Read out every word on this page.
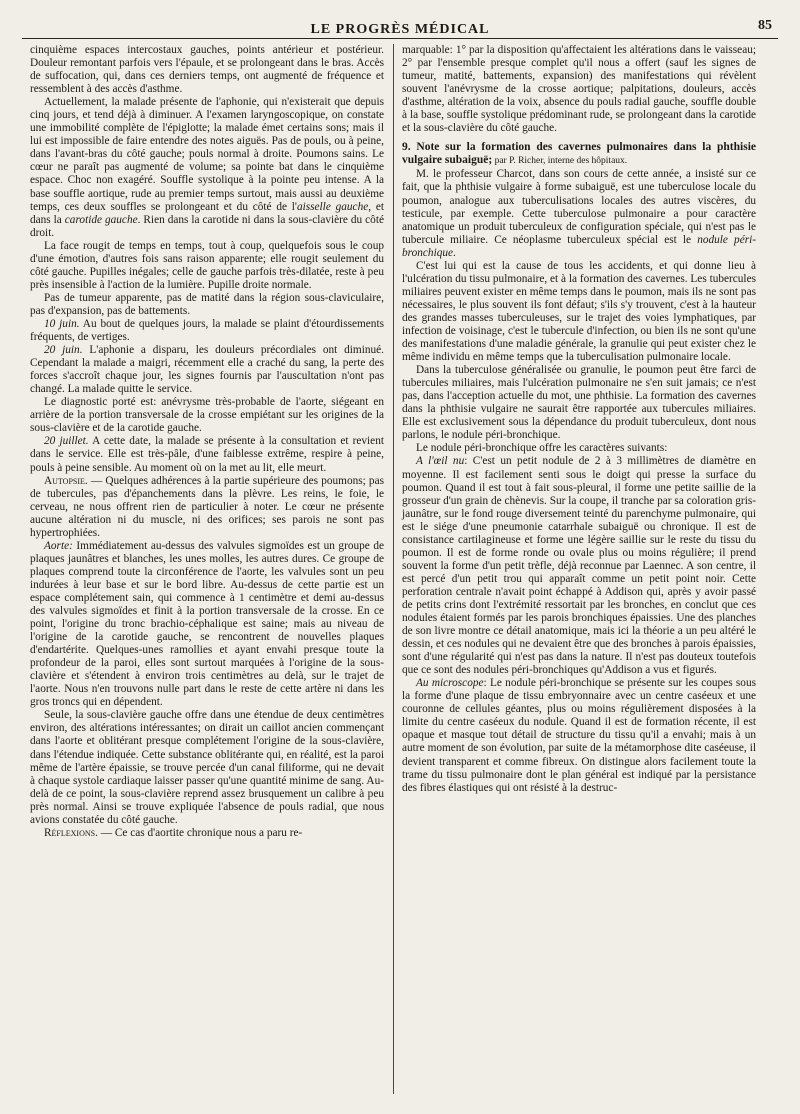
LE PROGRÈS MÉDICAL	85

cinquième espaces intercostaux gauches, points antérieur et postérieur. Douleur remontant parfois vers l'épaule, et se prolongeant dans le bras. Accès de suffocation, qui, dans ces derniers temps, ont augmenté de fréquence et ressemblent à des accès d'asthme.

Actuellement, la malade présente de l'aphonie, qui n'existerait que depuis cinq jours, et tend déjà à diminuer. A l'examen laryngoscopique, on constate une immobilité complète de l'épiglotte; la malade émet certains sons; mais il lui est impossible de faire entendre des notes aiguës. Pas de pouls, ou à peine, dans l'avant-bras du côté gauche; pouls normal à droite. Poumons sains. Le cœur ne paraît pas augmenté de volume; sa pointe bat dans le cinquième espace. Choc non exagéré. Souffle systolique à la pointe peu intense. A la base souffle aortique, rude au premier temps surtout, mais aussi au deuxième temps, ces deux souffles se prolongeant et du côté de l'aisselle gauche, et dans la carotide gauche. Rien dans la carotide ni dans la sous-clavière du côté droit.

La face rougit de temps en temps, tout à coup, quelquefois sous le coup d'une émotion, d'autres fois sans raison apparente; elle rougit seulement du côté gauche. Pupilles inégales; celle de gauche parfois très-dilatée, reste à peu près insensible à l'action de la lumière. Pupille droite normale.

Pas de tumeur apparente, pas de matité dans la région sous-claviculaire, pas d'expansion, pas de battements.

10 juin. Au bout de quelques jours, la malade se plaint d'étourdissements fréquents, de vertiges.

20 juin. L'aphonie a disparu, les douleurs précordiales ont diminué. Cependant la malade a maigri, récemment elle a craché du sang, la perte des forces s'accroît chaque jour, les signes fournis par l'auscultation n'ont pas changé. La malade quitte le service.

Le diagnostic porté est: anévrysme très-probable de l'aorte, siégeant en arrière de la portion transversale de la crosse empiétant sur les origines de la sous-clavière et de la carotide gauche.

20 juillet. A cette date, la malade se présente à la consultation et revient dans le service. Elle est très-pâle, d'une faiblesse extrême, respire à peine, pouls à peine sensible. Au moment où on la met au lit, elle meurt.

Autopsie. — Quelques adhérences à la partie supérieure des poumons; pas de tubercules, pas d'épanchements dans la plèvre. Les reins, le foie, le cerveau, ne nous offrent rien de particulier à noter. Le cœur ne présente aucune altération ni du muscle, ni des orifices; ses parois ne sont pas hypertrophiées.

Aorte: Immédiatement au-dessus des valvules sigmoïdes est un groupe de plaques jaunâtres et blanches, les unes molles, les autres dures. Ce groupe de plaques comprend toute la circonférence de l'aorte, les valvules sont un peu indurées à leur base et sur le bord libre. Au-dessus de cette partie est un espace complétement sain, qui commence à 1 centimètre et demi au-dessus des valvules sigmoïdes et finit à la portion transversale de la crosse. En ce point, l'origine du tronc brachio-céphalique est saine; mais au niveau de l'origine de la carotide gauche, se rencontrent de nouvelles plaques d'endartérite. Quelques-unes ramollies et ayant envahi presque toute la profondeur de la paroi, elles sont surtout marquées à l'origine de la sous-clavière et s'étendent à environ trois centimètres au delà, sur le trajet de l'aorte. Nous n'en trouvons nulle part dans le reste de cette artère ni dans les gros troncs qui en dépendent.

Seule, la sous-clavière gauche offre dans une étendue de deux centimètres environ, des altérations intéressantes; on dirait un caillot ancien commençant dans l'aorte et oblitérant presque complétement l'origine de la sous-clavière, dans l'étendue indiquée. Cette substance oblitérante qui, en réalité, est la paroi même de l'artère épaissie, se trouve percée d'un canal filiforme, qui ne devait à chaque systole cardiaque laisser passer qu'une quantité minime de sang. Au-delà de ce point, la sous-clavière reprend assez brusquement un calibre à peu près normal. Ainsi se trouve expliquée l'absence de pouls radial, que nous avions constatée du côté gauche.

Réflexions. — Ce cas d'aortite chronique nous a paru re-

marquable: 1° par la disposition qu'affectaient les altérations dans le vaisseau; 2° par l'ensemble presque complet qu'il nous a offert (sauf les signes de tumeur, matité, battements, expansion) des manifestations qui révèlent souvent l'anévrysme de la crosse aortique; palpitations, douleurs, accès d'asthme, altération de la voix, absence du pouls radial gauche, souffle double à la base, souffle systolique prédominant rude, se prolongeant dans la carotide et la sous-clavière du côté gauche.

9. Note sur la formation des cavernes pulmonaires dans la phthisie vulgaire subaiguë; par P. Richer, interne des hôpitaux.

M. le professeur Charcot, dans son cours de cette année, a insisté sur ce fait, que la phthisie vulgaire à forme subaiguë, est une tuberculose locale du poumon, analogue aux tuberculisations locales des autres viscères, du testicule, par exemple. Cette tuberculose pulmonaire a pour caractère anatomique un produit tuberculeux de configuration spéciale, qui n'est pas le tubercule miliaire. Ce néoplasme tuberculeux spécial est le nodule péri-bronchique.

C'est lui qui est la cause de tous les accidents, et qui donne lieu à l'ulcération du tissu pulmonaire, et à la formation des cavernes. Les tubercules miliaires peuvent exister en même temps dans le poumon, mais ils ne sont pas nécessaires, le plus souvent ils font défaut; s'ils s'y trouvent, c'est à la hauteur des grandes masses tuberculeuses, sur le trajet des voies lymphatiques, par infection de voisinage, c'est le tubercule d'infection, ou bien ils ne sont qu'une des manifestations d'une maladie générale, la granulie qui peut exister chez le même individu en même temps que la tuberculisation pulmonaire locale.

Dans la tuberculose généralisée ou granulie, le poumon peut être farci de tubercules miliaires, mais l'ulcération pulmonaire ne s'en suit jamais; ce n'est pas, dans l'acception actuelle du mot, une phthisie. La formation des cavernes dans la phthisie vulgaire ne saurait être rapportée aux tubercules miliaires. Elle est exclusivement sous la dépendance du produit tuberculeux, dont nous parlons, le nodule péri-bronchique.

Le nodule péri-bronchique offre les caractères suivants:

A l'œil nu: C'est un petit nodule de 2 à 3 millimètres de diamètre en moyenne. Il est facilement senti sous le doigt qui presse la surface du poumon. Quand il est tout à fait sous-pleural, il forme une petite saillie de la grosseur d'un grain de chènevis. Sur la coupe, il tranche par sa coloration gris-jaunâtre, sur le fond rouge diversement teinté du parenchyme pulmonaire, qui est le siége d'une pneumonie catarrhale subaiguë ou chronique. Il est de consistance cartilagineuse et forme une légère saillie sur le reste du tissu du poumon. Il est de forme ronde ou ovale plus ou moins régulière; il prend souvent la forme d'un petit trèfle, déjà reconnue par Laennec. A son centre, il est percé d'un petit trou qui apparaît comme un petit point noir. Cette perforation centrale n'avait point échappé à Addison qui, après y avoir passé de petits crins dont l'extrémité ressortait par les bronches, en conclut que ces nodules étaient formés par les parois bronchiques épaissies. Une des planches de son livre montre ce détail anatomique, mais ici la théorie a un peu altéré le dessin, et ces nodules qui ne devaient être que des bronches à parois épaissies, sont d'une régularité qui n'est pas dans la nature. Il n'est pas douteux toutefois que ce sont des nodules péri-bronchiques qu'Addison a vus et figurés.

Au microscope: Le nodule péri-bronchique se présente sur les coupes sous la forme d'une plaque de tissu embryonnaire avec un centre caséeux et une couronne de cellules géantes, plus ou moins régulièrement disposées à la limite du centre caséeux du nodule. Quand il est de formation récente, il est opaque et masque tout détail de structure du tissu qu'il a envahi; mais à un autre moment de son évolution, par suite de la métamorphose dite caséeuse, il devient transparent et comme fibreux. On distingue alors facilement toute la trame du tissu pulmonaire dont le plan général est indiqué par la persistance des fibres élastiques qui ont résisté à la destruc-
